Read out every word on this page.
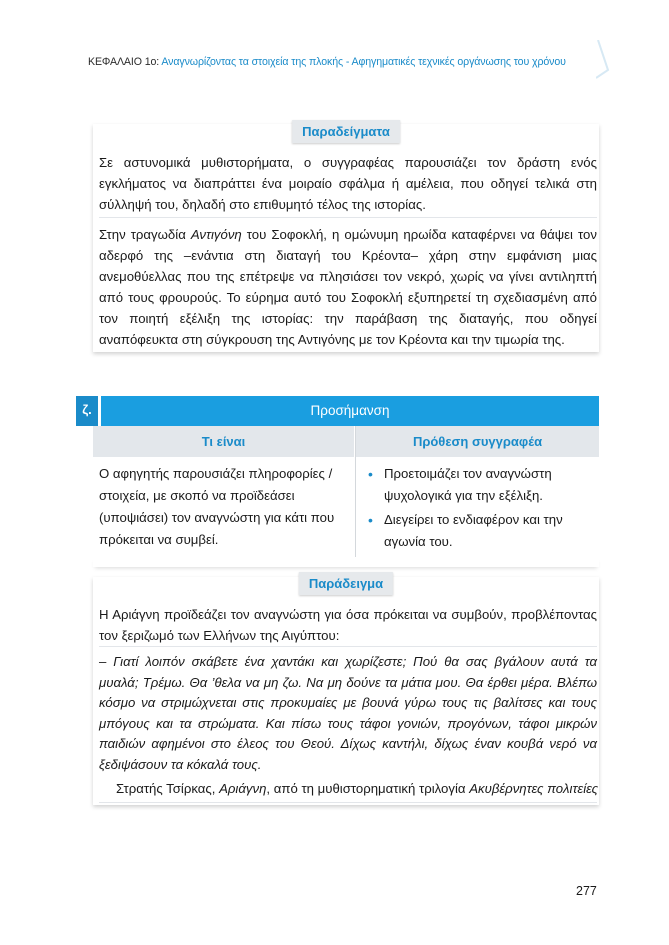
ΚΕΦΑΛΑΙΟ 1ο: Αναγνωρίζοντας τα στοιχεία της πλοκής - Αφηγηματικές τεχνικές οργάνωσης του χρόνου
Παραδείγματα
Σε αστυνομικά μυθιστορήματα, ο συγγραφέας παρουσιάζει τον δράστη ενός εγκλήματος να διαπράττει ένα μοιραίο σφάλμα ή αμέλεια, που οδηγεί τελικά στη σύλληψή του, δηλαδή στο επιθυμητό τέλος της ιστορίας.
Στην τραγωδία Αντιγόνη του Σοφοκλή, η ομώνυμη ηρωίδα καταφέρνει να θάψει τον αδερφό της –ενάντια στη διαταγή του Κρέοντα– χάρη στην εμφάνιση μιας ανεμοθύελλας που της επέτρεψε να πλησιάσει τον νεκρό, χωρίς να γίνει αντιληπτή από τους φρουρούς. Το εύρημα αυτό του Σοφοκλή εξυπηρετεί τη σχεδιασμένη από τον ποιητή εξέλιξη της ιστορίας: την παράβαση της διαταγής, που οδηγεί αναπόφευκτα στη σύγκρουση της Αντιγόνης με τον Κρέοντα και την τιμωρία της.
ζ.	Προσήμανση
Τι είναι	Πρόθεση συγγραφέα
Ο αφηγητής παρουσιάζει πληροφορίες / στοιχεία, με σκοπό να προϊδεάσει (υποψιάσει) τον αναγνώστη για κάτι που πρόκειται να συμβεί.
• Προετοιμάζει τον αναγνώστη ψυχολογικά για την εξέλιξη.
• Διεγείρει το ενδιαφέρον και την αγωνία του.
Παράδειγμα
Η Αριάγνη προϊδεάζει τον αναγνώστη για όσα πρόκειται να συμβούν, προβλέποντας τον ξεριζωμό των Ελλήνων της Αιγύπτου:
– Γιατί λοιπόν σκάβετε ένα χαντάκι και χωρίζεστε; Πού θα σας βγάλουν αυτά τα μυαλά; Τρέμω. Θα ’θελα να μη ζω. Να μη δούνε τα μάτια μου. Θα έρθει μέρα. Βλέπω κόσμο να στριμώχνεται στις προκυμαίες με βουνά γύρω τους τις βαλίτσες και τους μπόγους και τα στρώματα. Και πίσω τους τάφοι γονιών, προγόνων, τάφοι μικρών παιδιών αφημένοι στο έλεος του Θεού. Δίχως καντήλι, δίχως έναν κουβά νερό να ξεδιψάσουν τα κόκαλά τους.
Στρατής Τσίρκας, Αριάγνη, από τη μυθιστορηματική τριλογία Ακυβέρνητες πολιτείες
277
